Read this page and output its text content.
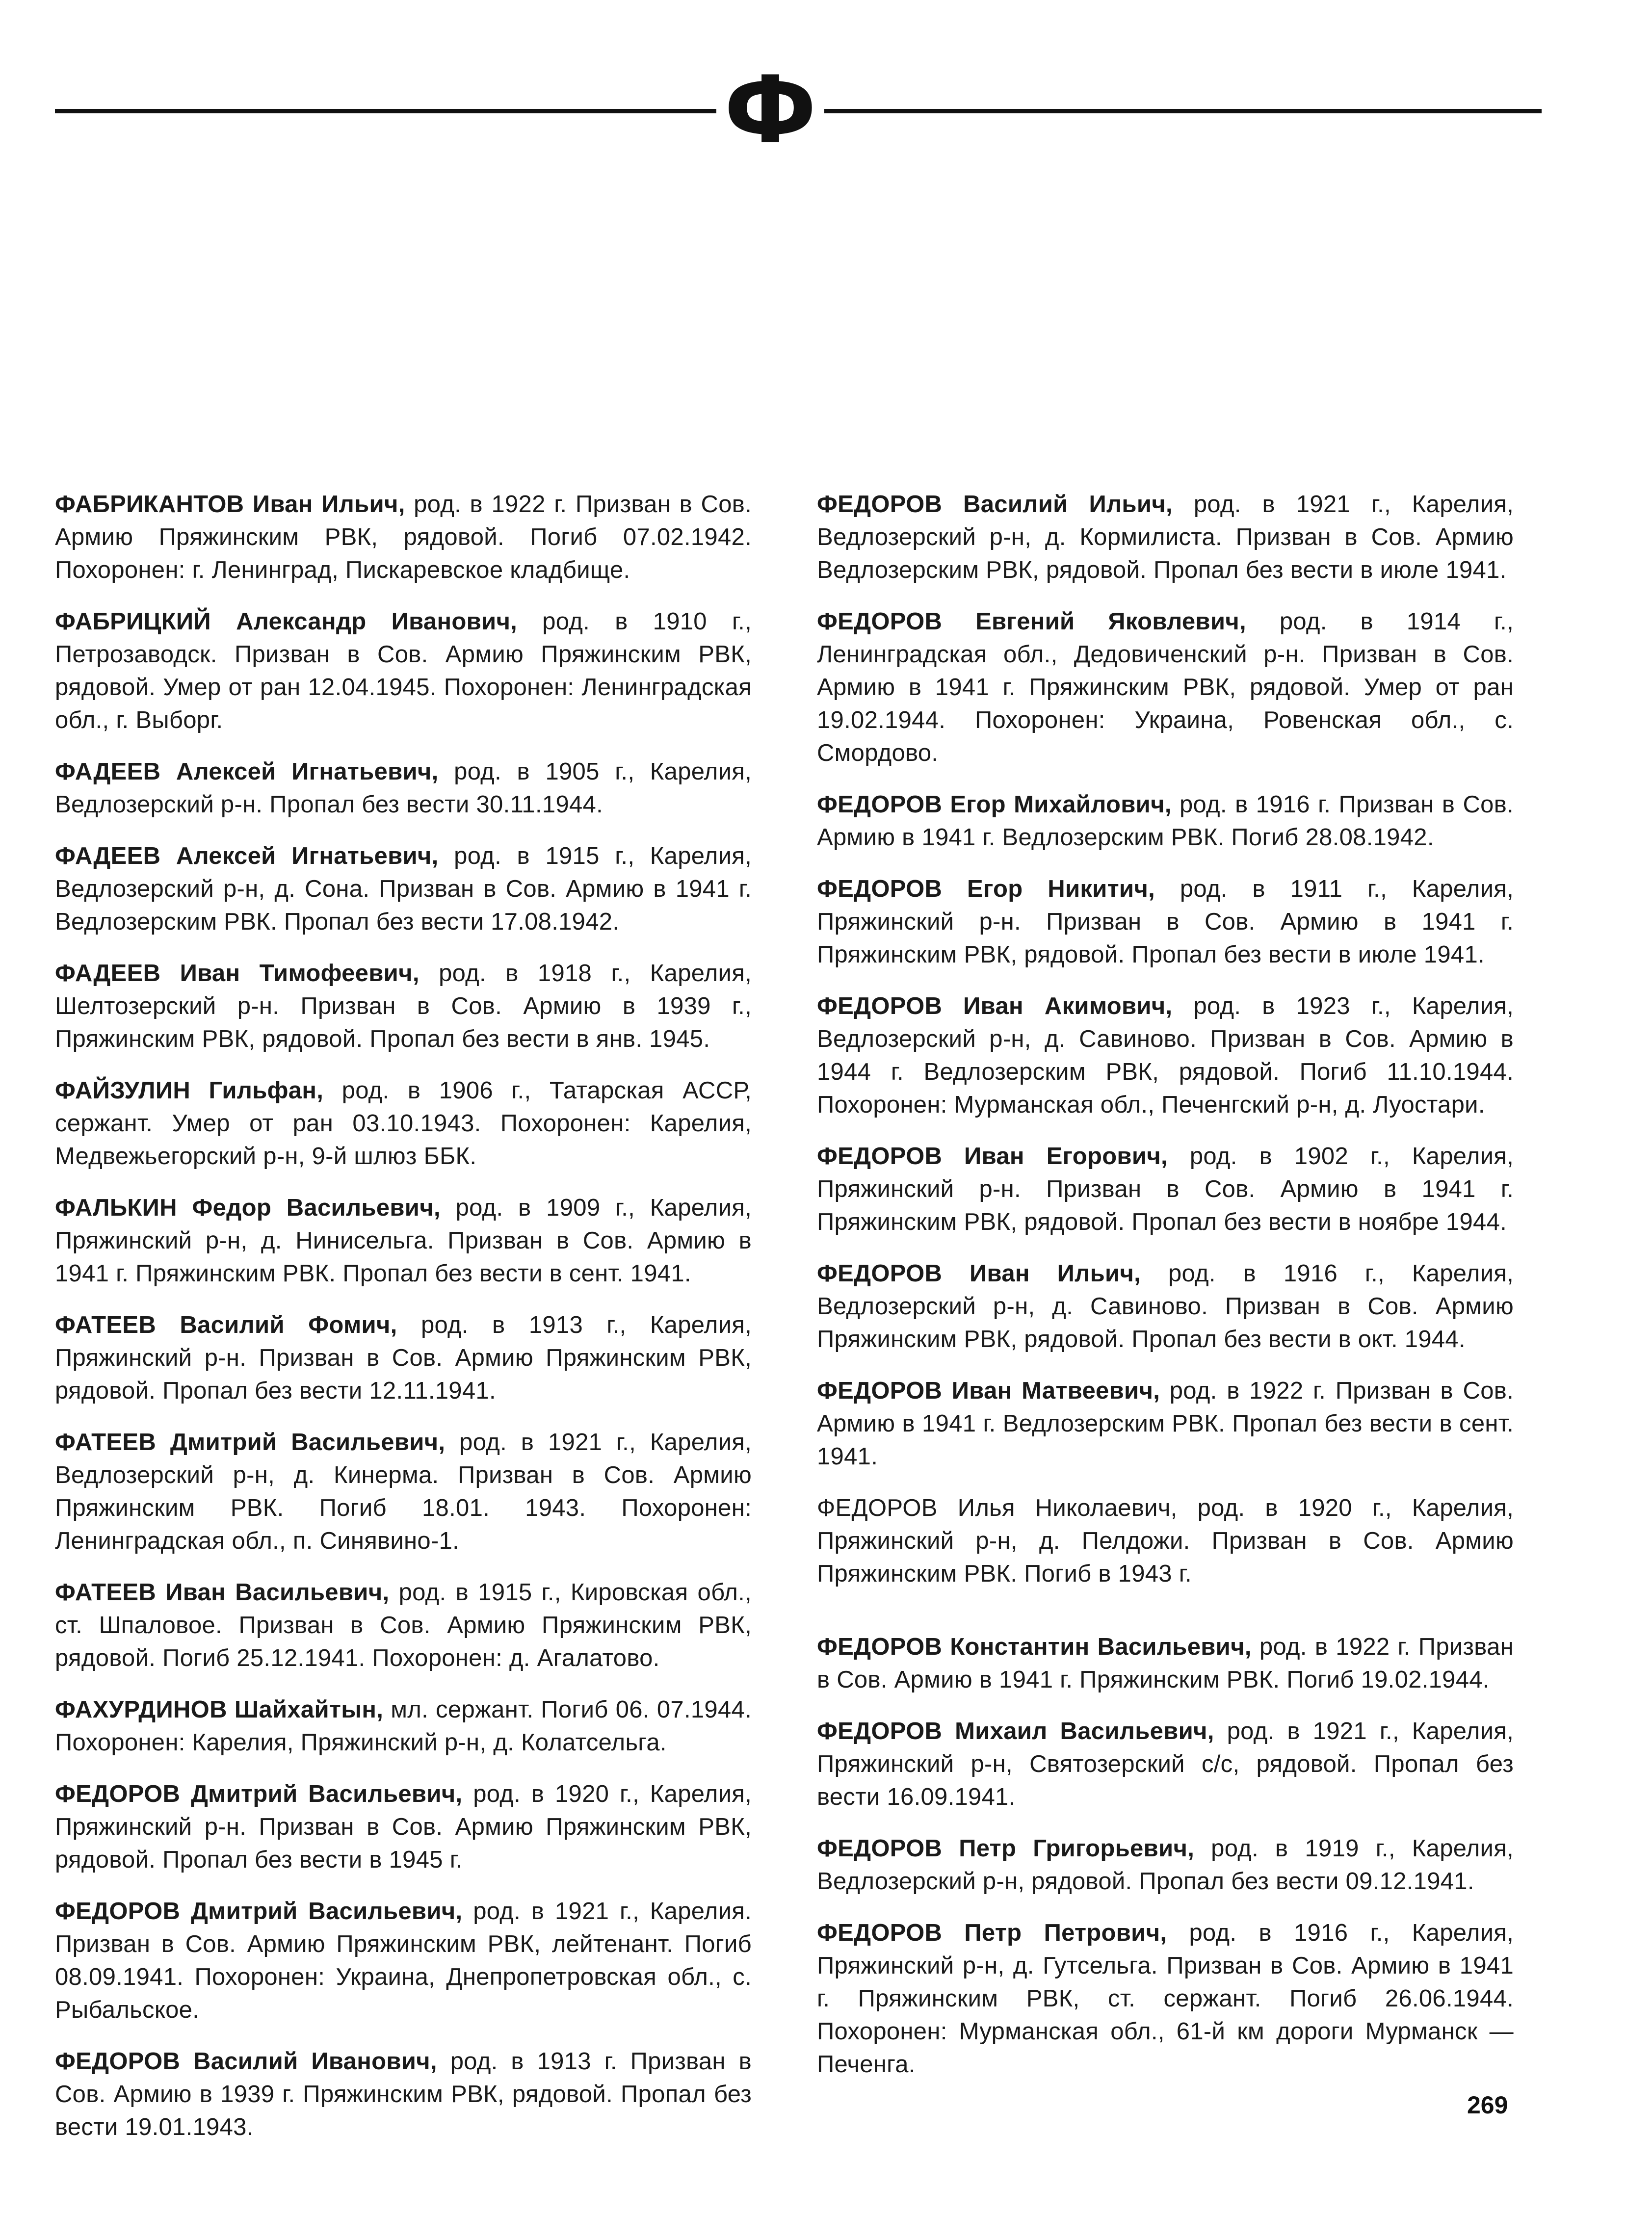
Ф

ФАБРИКАНТОВ Иван Ильич, род. в 1922 г. Призван в Сов. Армию Пряжинским РВК, рядовой. Погиб 07.02.1942. Похоронен: г. Ленинград, Пискаревское кладбище.

ФАБРИЦКИЙ Александр Иванович, род. в 1910 г., Петрозаводск. Призван в Сов. Армию Пряжинским РВК, рядовой. Умер от ран 12.04.1945. Похоронен: Ленинградская обл., г. Выборг.

ФАДЕЕВ Алексей Игнатьевич, род. в 1905 г., Карелия, Ведлозерский р-н. Пропал без вести 30.11.1944.

ФАДЕЕВ Алексей Игнатьевич, род. в 1915 г., Карелия, Ведлозерский р-н, д. Сона. Призван в Сов. Армию в 1941 г. Ведлозерским РВК. Пропал без вести 17.08.1942.

ФАДЕЕВ Иван Тимофеевич, род. в 1918 г., Карелия, Шелтозерский р-н. Призван в Сов. Армию в 1939 г., Пряжинским РВК, рядовой. Пропал без вести в янв. 1945.

ФАЙЗУЛИН Гильфан, род. в 1906 г., Татарская АССР, сержант. Умер от ран 03.10.1943. Похоронен: Карелия, Медвежьегорский р-н, 9-й шлюз ББК.

ФАЛЬКИН Федор Васильевич, род. в 1909 г., Карелия, Пряжинский р-н, д. Нинисельга. Призван в Сов. Армию в 1941 г. Пряжинским РВК. Пропал без вести в сент. 1941.

ФАТЕЕВ Василий Фомич, род. в 1913 г., Карелия, Пряжинский р-н. Призван в Сов. Армию Пряжинским РВК, рядовой. Пропал без вести 12.11.1941.

ФАТЕЕВ Дмитрий Васильевич, род. в 1921 г., Карелия, Ведлозерский р-н, д. Кинерма. Призван в Сов. Армию Пряжинским РВК. Погиб 18.01. 1943. Похоронен: Ленинградская обл., п. Синявино-1.

ФАТЕЕВ Иван Васильевич, род. в 1915 г., Кировская обл., ст. Шпаловое. Призван в Сов. Армию Пряжинским РВК, рядовой. Погиб 25.12.1941. Похоронен: д. Агалатово.

ФАХУРДИНОВ Шайхайтын, мл. сержант. Погиб 06. 07.1944. Похоронен: Карелия, Пряжинский р-н, д. Колатсельга.

ФЕДОРОВ Дмитрий Васильевич, род. в 1920 г., Карелия, Пряжинский р-н. Призван в Сов. Армию Пряжинским РВК, рядовой. Пропал без вести в 1945 г.

ФЕДОРОВ Дмитрий Васильевич, род. в 1921 г., Карелия. Призван в Сов. Армию Пряжинским РВК, лейтенант. Погиб 08.09.1941. Похоронен: Украина, Днепропетровская обл., с. Рыбальское.

ФЕДОРОВ Василий Иванович, род. в 1913 г. Призван в Сов. Армию в 1939 г. Пряжинским РВК, рядовой. Пропал без вести 19.01.1943.

ФЕДОРОВ Василий Ильич, род. в 1921 г., Карелия, Ведлозерский р-н, д. Кормилиста. Призван в Сов. Армию Ведлозерским РВК, рядовой. Пропал без вести в июле 1941.

ФЕДОРОВ Евгений Яковлевич, род. в 1914 г., Ленинградская обл., Дедовиченский р-н. Призван в Сов. Армию в 1941 г. Пряжинским РВК, рядовой. Умер от ран 19.02.1944. Похоронен: Украина, Ровенская обл., с. Смордово.

ФЕДОРОВ Егор Михайлович, род. в 1916 г. Призван в Сов. Армию в 1941 г. Ведлозерским РВК. Погиб 28.08.1942.

ФЕДОРОВ Егор Никитич, род. в 1911 г., Карелия, Пряжинский р-н. Призван в Сов. Армию в 1941 г. Пряжинским РВК, рядовой. Пропал без вести в июле 1941.

ФЕДОРОВ Иван Акимович, род. в 1923 г., Карелия, Ведлозерский р-н, д. Савиново. Призван в Сов. Армию в 1944 г. Ведлозерским РВК, рядовой. Погиб 11.10.1944. Похоронен: Мурманская обл., Печенгский р-н, д. Луостари.

ФЕДОРОВ Иван Егорович, род. в 1902 г., Карелия, Пряжинский р-н. Призван в Сов. Армию в 1941 г. Пряжинским РВК, рядовой. Пропал без вести в ноябре 1944.

ФЕДОРОВ Иван Ильич, род. в 1916 г., Карелия, Ведлозерский р-н, д. Савиново. Призван в Сов. Армию Пряжинским РВК, рядовой. Пропал без вести в окт. 1944.

ФЕДОРОВ Иван Матвеевич, род. в 1922 г. Призван в Сов. Армию в 1941 г. Ведлозерским РВК. Пропал без вести в сент. 1941.

ФЕДОРОВ Илья Николаевич, род. в 1920 г., Карелия, Пряжинский р-н, д. Пелдожи. Призван в Сов. Армию Пряжинским РВК. Погиб в 1943 г.

ФЕДОРОВ Константин Васильевич, род. в 1922 г. Призван в Сов. Армию в 1941 г. Пряжинским РВК. Погиб 19.02.1944.

ФЕДОРОВ Михаил Васильевич, род. в 1921 г., Карелия, Пряжинский р-н, Святозерский с/с, рядовой. Пропал без вести 16.09.1941.

ФЕДОРОВ Петр Григорьевич, род. в 1919 г., Карелия, Ведлозерский р-н, рядовой. Пропал без вести 09.12.1941.

ФЕДОРОВ Петр Петрович, род. в 1916 г., Карелия, Пряжинский р-н, д. Гутсельга. Призван в Сов. Армию в 1941 г. Пряжинским РВК, ст. сержант. Погиб 26.06.1944. Похоронен: Мурманская обл., 61-й км дороги Мурманск — Печенга.

269
